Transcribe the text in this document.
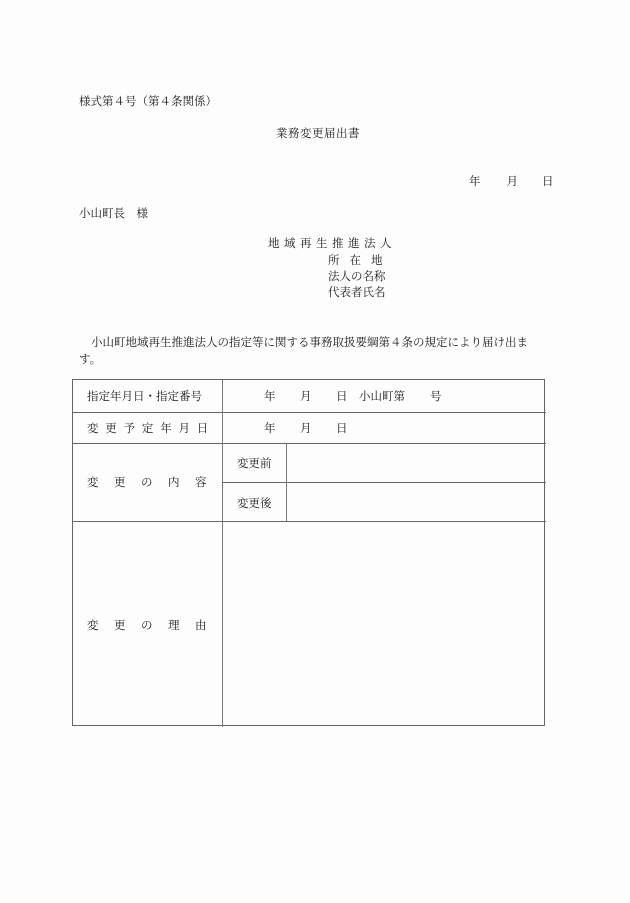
様式第４号（第４条関係）
業務変更届出書
年 月 日
小山町長　様
地域再生推進法人
所在地
法人の名称
代表者氏名
小山町地域再生推進法人の指定等に関する事務取扱要綱第４条の規定により届け出ます。
指定年月日・指定番号	年 月 日 小山町第 号
変更予定年月日	年 月 日
変更の内容
変更前
変更後
変更の理由
